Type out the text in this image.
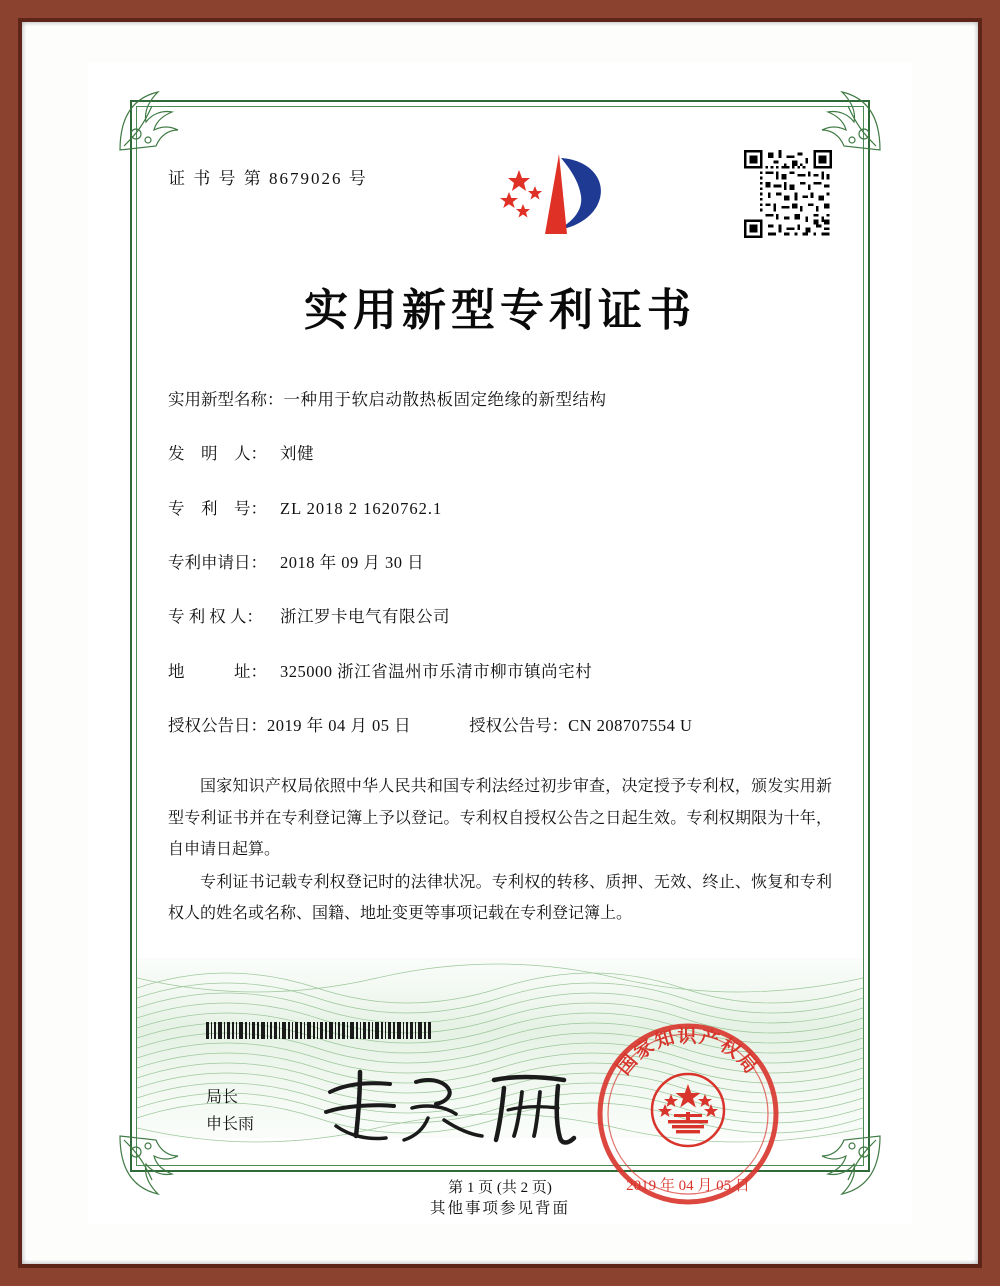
证 书 号 第 8679026 号
实用新型专利证书
实用新型名称： 一种用于软启动散热板固定绝缘的新型结构
发　明　人： 刘健
专　利　号： ZL 2018 2 1620762.1
专利申请日： 2018 年 09 月 30 日
专 利 权 人：	浙江罗卡电气有限公司
地　　　址： 325000 浙江省温州市乐清市柳市镇尚宅村
授权公告日： 2019 年 04 月 05 日	授权公告号： CN 208707554 U

国家知识产权局依照中华人民共和国专利法经过初步审查，决定授予专利权，颁发实用新型专利证书并在专利登记簿上予以登记。专利权自授权公告之日起生效。专利权期限为十年，自申请日起算。

专利证书记载专利权登记时的法律状况。专利权的转移、质押、无效、终止、恢复和专利权人的姓名或名称、国籍、地址变更等事项记载在专利登记簿上。

局长
申长雨
国家知识产权局
2019 年 04 月 05 日
第 1 页 (共 2 页)
其他事项参见背面
